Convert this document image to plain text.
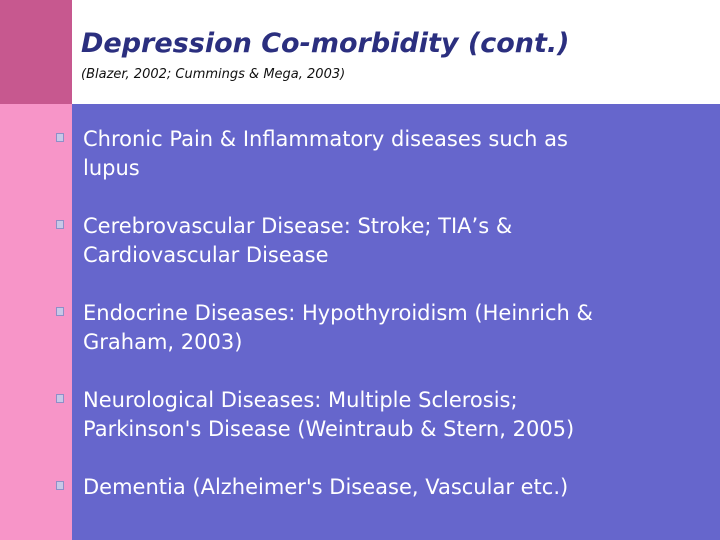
Depression Co-morbidity (cont.)

(Blazer, 2002; Cummings & Mega, 2003)

Chronic Pain & Inflammatory diseases such as
lupus
Cerebrovascular Disease: Stroke; TIA’s &
Cardiovascular Disease
Endocrine Diseases: Hypothyroidism (Heinrich &
Graham, 2003)
Neurological Diseases: Multiple Sclerosis;
Parkinson's Disease (Weintraub & Stern, 2005)
Dementia (Alzheimer's Disease, Vascular etc.)
